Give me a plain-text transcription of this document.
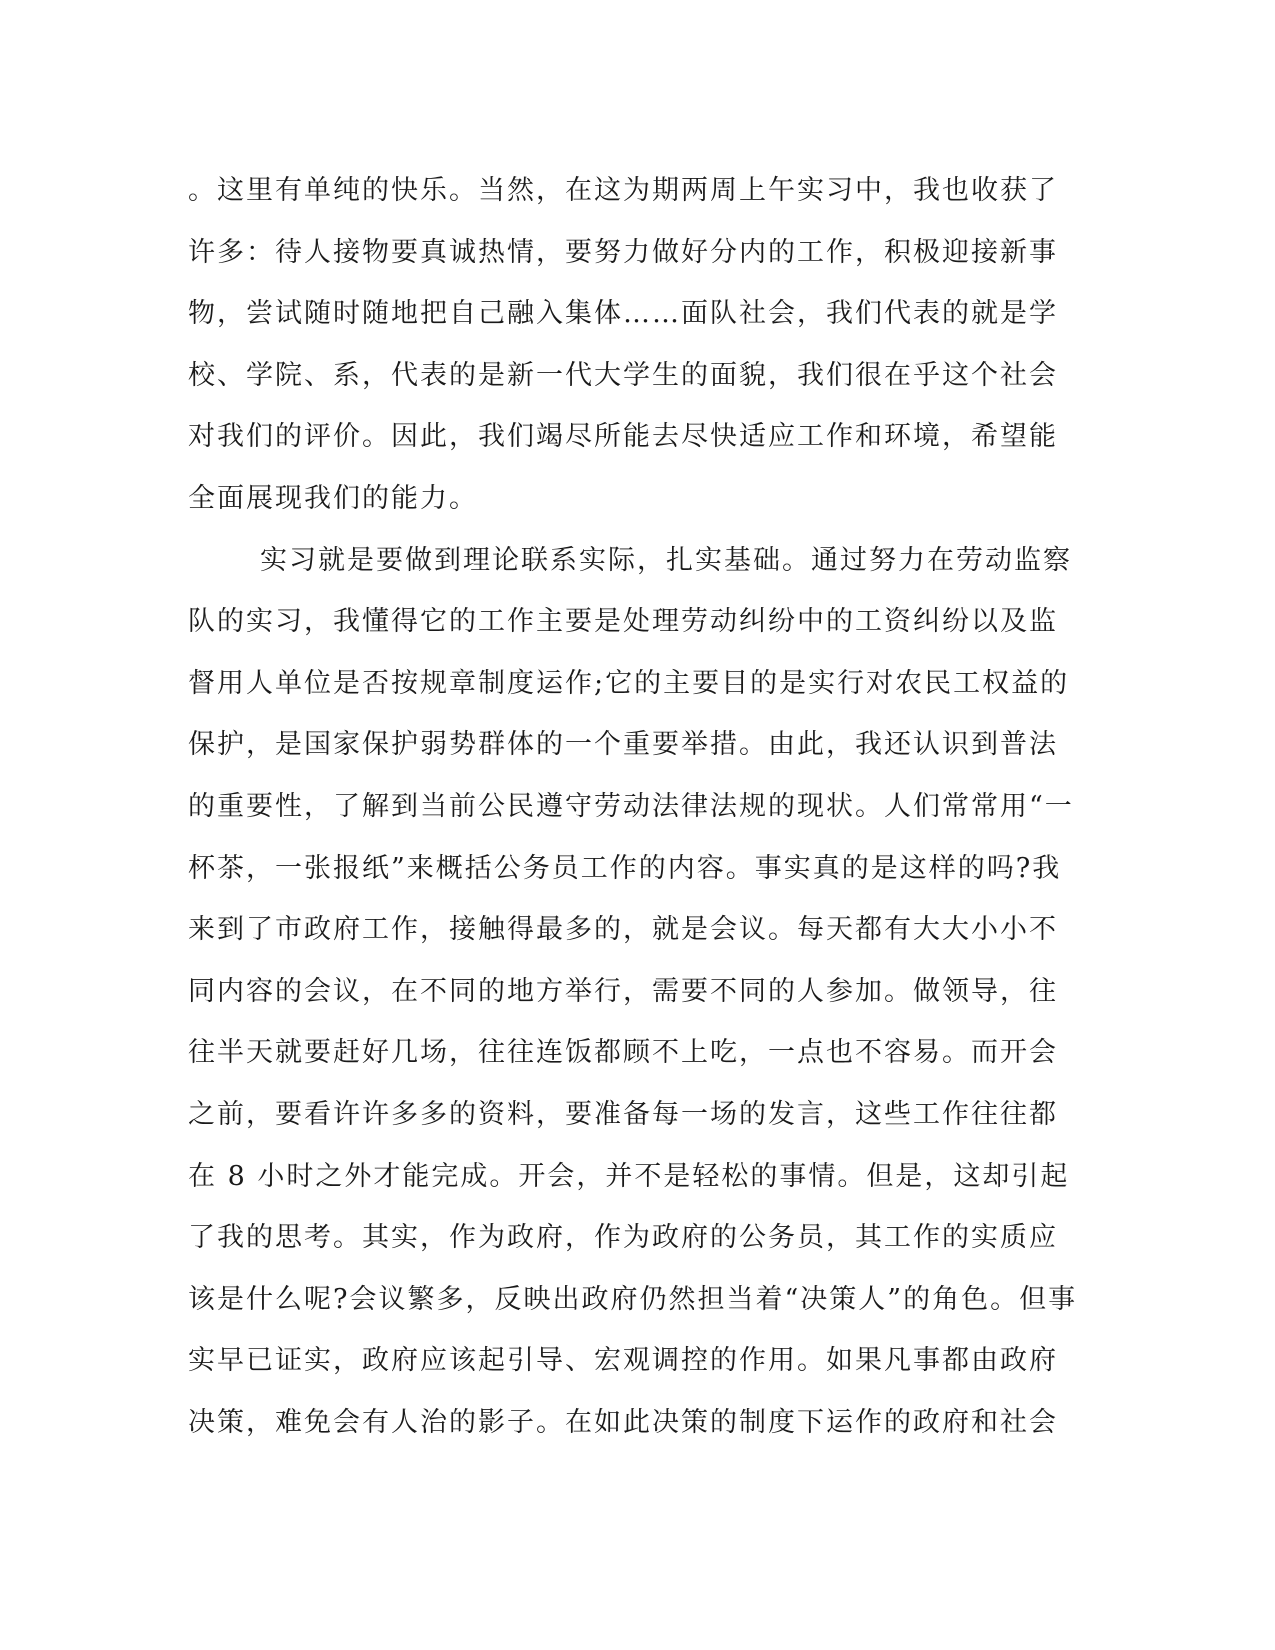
。这里有单纯的快乐。当然，在这为期两周上午实习中，我也收获了
许多：待人接物要真诚热情，要努力做好分内的工作，积极迎接新事
物，尝试随时随地把自己融入集体……面队社会，我们代表的就是学
校、学院、系，代表的是新一代大学生的面貌，我们很在乎这个社会
对我们的评价。因此，我们竭尽所能去尽快适应工作和环境，希望能
全面展现我们的能力。
实习就是要做到理论联系实际，扎实基础。通过努力在劳动监察
队的实习，我懂得它的工作主要是处理劳动纠纷中的工资纠纷以及监
督用人单位是否按规章制度运作;它的主要目的是实行对农民工权益的
保护，是国家保护弱势群体的一个重要举措。由此，我还认识到普法
的重要性，了解到当前公民遵守劳动法律法规的现状。人们常常用“一
杯茶，一张报纸”来概括公务员工作的内容。事实真的是这样的吗?我
来到了市政府工作，接触得最多的，就是会议。每天都有大大小小不
同内容的会议，在不同的地方举行，需要不同的人参加。做领导，往
往半天就要赶好几场，往往连饭都顾不上吃，一点也不容易。而开会
之前，要看许许多多的资料，要准备每一场的发言，这些工作往往都
在 8 小时之外才能完成。开会，并不是轻松的事情。但是，这却引起
了我的思考。其实，作为政府，作为政府的公务员，其工作的实质应
该是什么呢?会议繁多，反映出政府仍然担当着“决策人”的角色。但事
实早已证实，政府应该起引导、宏观调控的作用。如果凡事都由政府
决策，难免会有人治的影子。在如此决策的制度下运作的政府和社会
